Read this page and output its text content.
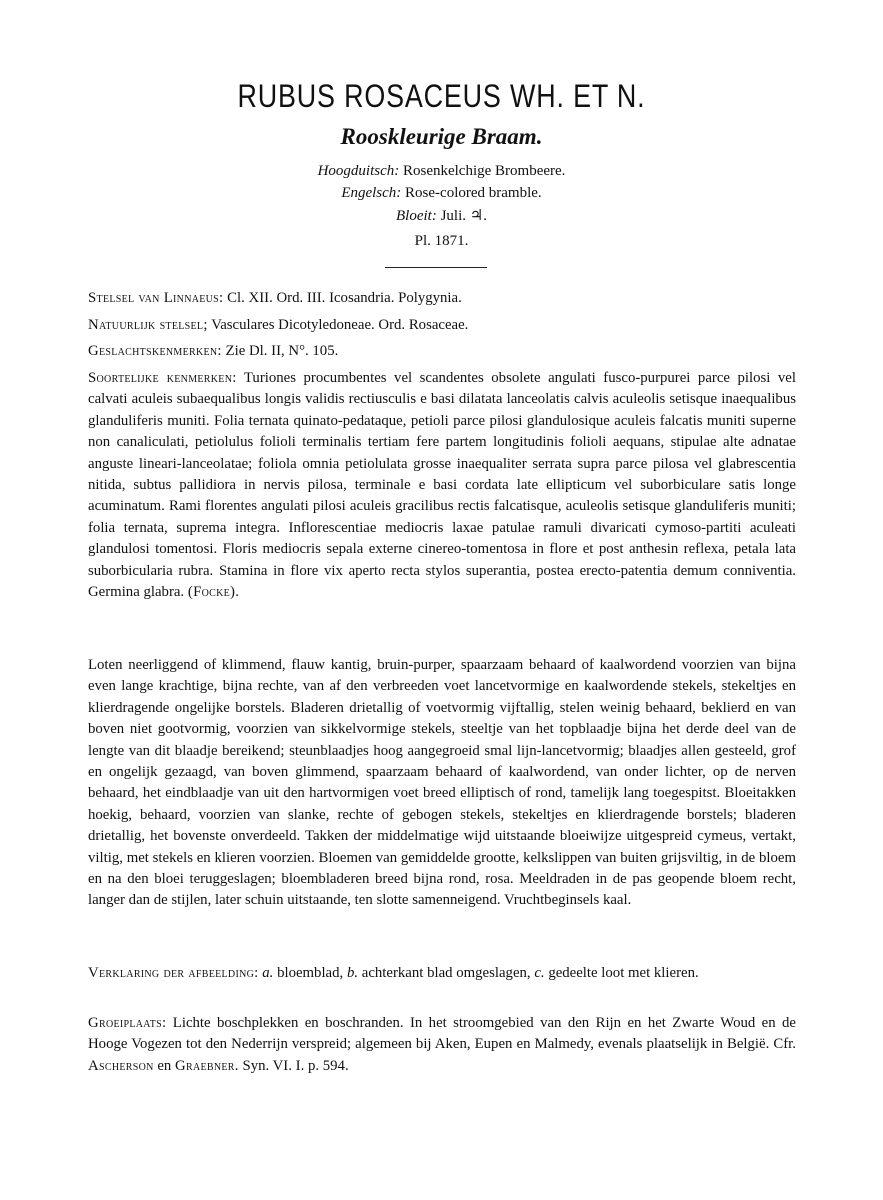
RUBUS ROSACEUS WH. ET N.
Rooskleurige Braam.
Hoogduitsch: Rosenkelchige Brombeere.
Engelsch: Rose-colored bramble.
Bloeit: Juli. ♃.
Pl. 1871.
Stelsel van Linnaeus: Cl. XII. Ord. III. Icosandria. Polygynia.
Natuurlijk stelsel; Vasculares Dicotyledoneae. Ord. Rosaceae.
Geslachtskenmerken: Zie Dl. II, N°. 105.
Soortelijke kenmerken: Turiones procumbentes vel scandentes obsolete angulati fusco-purpurei parce pilosi vel calvati aculeis subaequalibus longis validis rectiusculis e basi dilatata lanceolatis calvis aculeolis setisque inaequalibus glanduliferis muniti. Folia ternata quinato-pedataque, petioli parce pilosi glandulosique aculeis falcatis muniti superne non canaliculati, petiolulus folioli terminalis tertiam fere partem longitudinis folioli aequans, stipulae alte adnatae anguste lineari-lanceolatae; foliola omnia petiolulata grosse inaequaliter serrata supra parce pilosa vel glabrescentia nitida, subtus pallidiora in nervis pilosa, terminale e basi cordata late ellipticum vel suborbiculare satis longe acuminatum. Rami florentes angulati pilosi aculeis gracilibus rectis falcatisque, aculeolis setisque glanduliferis muniti; folia ternata, suprema integra. Inflorescentiae mediocris laxae patulae ramuli divaricati cymoso-partiti aculeati glandulosi tomentosi. Floris mediocris sepala externe cinereo-tomentosa in flore et post anthesin reflexa, petala lata suborbicularia rubra. Stamina in flore vix aperto recta stylos superantia, postea erecto-patentia demum conniventia. Germina glabra. (Focke).
Loten neerliggend of klimmend, flauw kantig, bruin-purper, spaarzaam behaard of kaalwordend voorzien van bijna even lange krachtige, bijna rechte, van af den verbreeden voet lancetvormige en kaalwordende stekels, stekeltjes en klierdragende ongelijke borstels. Bladeren drietallig of voetvormig vijftallig, stelen weinig behaard, beklierd en van boven niet gootvormig, voorzien van sikkelvormige stekels, steeltje van het topblaadje bijna het derde deel van de lengte van dit blaadje bereikend; steunblaadjes hoog aangegroeid smal lijn-lancetvormig; blaadjes allen gesteeld, grof en ongelijk gezaagd, van boven glimmend, spaarzaam behaard of kaalwordend, van onder lichter, op de nerven behaard, het eindblaadje van uit den hartvormigen voet breed elliptisch of rond, tamelijk lang toegespitst. Bloeitakken hoekig, behaard, voorzien van slanke, rechte of gebogen stekels, stekeltjes en klierdragende borstels; bladeren drietallig, het bovenste onverdeeld. Takken der middelmatige wijd uitstaande bloeiwijze uitgespreid cymeus, vertakt, viltig, met stekels en klieren voorzien. Bloemen van gemiddelde grootte, kelkslippen van buiten grijsviltig, in de bloem en na den bloei teruggeslagen; bloembladeren breed bijna rond, rosa. Meeldraden in de pas geopende bloem recht, langer dan de stijlen, later schuin uitstaande, ten slotte samenneigend. Vruchtbeginsels kaal.
Verklaring der afbeelding: a. bloemblad, b. achterkant blad omgeslagen, c. gedeelte loot met klieren.
Groeiplaats: Lichte boschplekken en boschranden. In het stroomgebied van den Rijn en het Zwarte Woud en de Hooge Vogezen tot den Nederrijn verspreid; algemeen bij Aken, Eupen en Malmedy, evenals plaatselijk in België. Cfr. Ascherson en Graebner. Syn. VI. I. p. 594.
